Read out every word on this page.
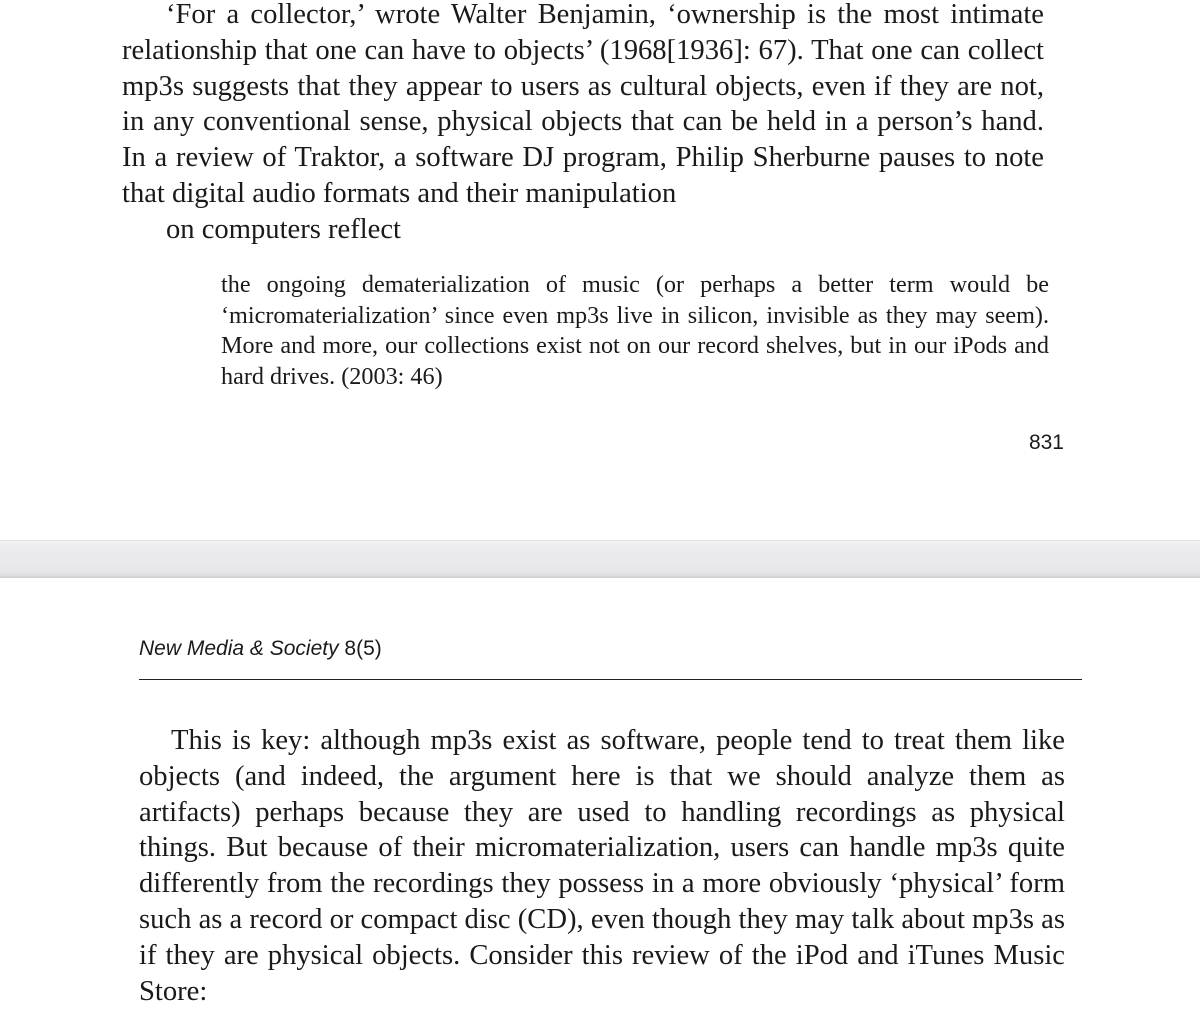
‘For a collector,’ wrote Walter Benjamin, ‘ownership is the most intimate relationship that one can have to objects’ (1968[1936]: 67). That one can collect mp3s suggests that they appear to users as cultural objects, even if they are not, in any conventional sense, physical objects that can be held in a person’s hand. In a review of Traktor, a software DJ program, Philip Sherburne pauses to note that digital audio formats and their manipulation
on computers reflect

the ongoing dematerialization of music (or perhaps a better term would be ‘micromaterialization’ since even mp3s live in silicon, invisible as they may seem). More and more, our collections exist not on our record shelves, but in our iPods and hard drives. (2003: 46)

831
New Media & Society 8(5)

This is key: although mp3s exist as software, people tend to treat them like objects (and indeed, the argument here is that we should analyze them as artifacts) perhaps because they are used to handling recordings as physical things. But because of their micromaterialization, users can handle mp3s quite differently from the recordings they possess in a more obviously ‘physical’ form such as a record or compact disc (CD), even though they may talk about mp3s as if they are physical objects. Consider this review of the iPod and iTunes Music Store:
